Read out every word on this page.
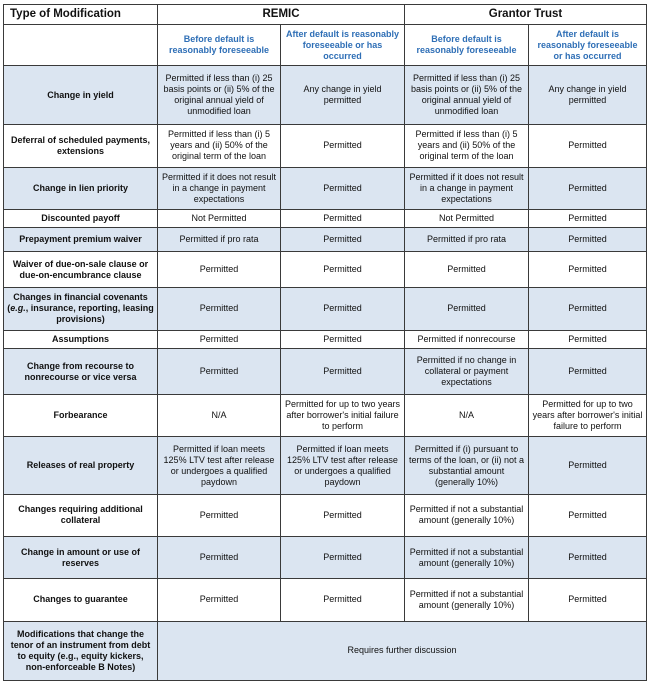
Type of Modification	REMIC		Grantor Trust	
	Before default is reasonably foreseeable	After default is reasonably foreseeable or has occurred	Before default is reasonably foreseeable	After default is reasonably foreseeable or has occurred
Change in yield	Permitted if less than (i) 25 basis points or (ii) 5% of the original annual yield of unmodified loan	Any change in yield permitted	Permitted if less than (i) 25 basis points or (ii) 5% of the original annual yield of unmodified loan	Any change in yield permitted
Deferral of scheduled payments, extensions	Permitted if less than (i) 5 years and (ii) 50% of the original term of the loan	Permitted	Permitted if less than (i) 5 years and (ii) 50% of the original term of the loan	Permitted
Change in lien priority	Permitted if it does not result in a change in payment expectations	Permitted	Permitted if it does not result in a change in payment expectations	Permitted
Discounted payoff	Not Permitted	Permitted	Not Permitted	Permitted
Prepayment premium waiver	Permitted if pro rata	Permitted	Permitted if pro rata	Permitted
Waiver of due-on-sale clause or due-on-encumbrance clause	Permitted	Permitted	Permitted	Permitted
Changes in financial covenants (e.g., insurance, reporting, leasing provisions)	Permitted	Permitted	Permitted	Permitted
Assumptions	Permitted	Permitted	Permitted if nonrecourse	Permitted
Change from recourse to nonrecourse or vice versa	Permitted	Permitted	Permitted if no change in collateral or payment expectations	Permitted
Forbearance	N/A	Permitted for up to two years after borrower's initial failure to perform	N/A	Permitted for up to two years after borrower's initial failure to perform
Releases of real property	Permitted if loan meets 125% LTV test after release or undergoes a qualified paydown	Permitted if loan meets 125% LTV test after release or undergoes a qualified paydown	Permitted if (i) pursuant to terms of the loan, or (ii) not a substantial amount (generally 10%)	Permitted
Changes requiring additional collateral	Permitted	Permitted	Permitted if not a substantial amount (generally 10%)	Permitted
Change in amount or use of reserves	Permitted	Permitted	Permitted if not a substantial amount (generally 10%)	Permitted
Changes to guarantee	Permitted	Permitted	Permitted if not a substantial amount (generally 10%)	Permitted
Modifications that change the tenor of an instrument from debt to equity (e.g., equity kickers, non-enforceable B Notes)	Requires further discussion			
